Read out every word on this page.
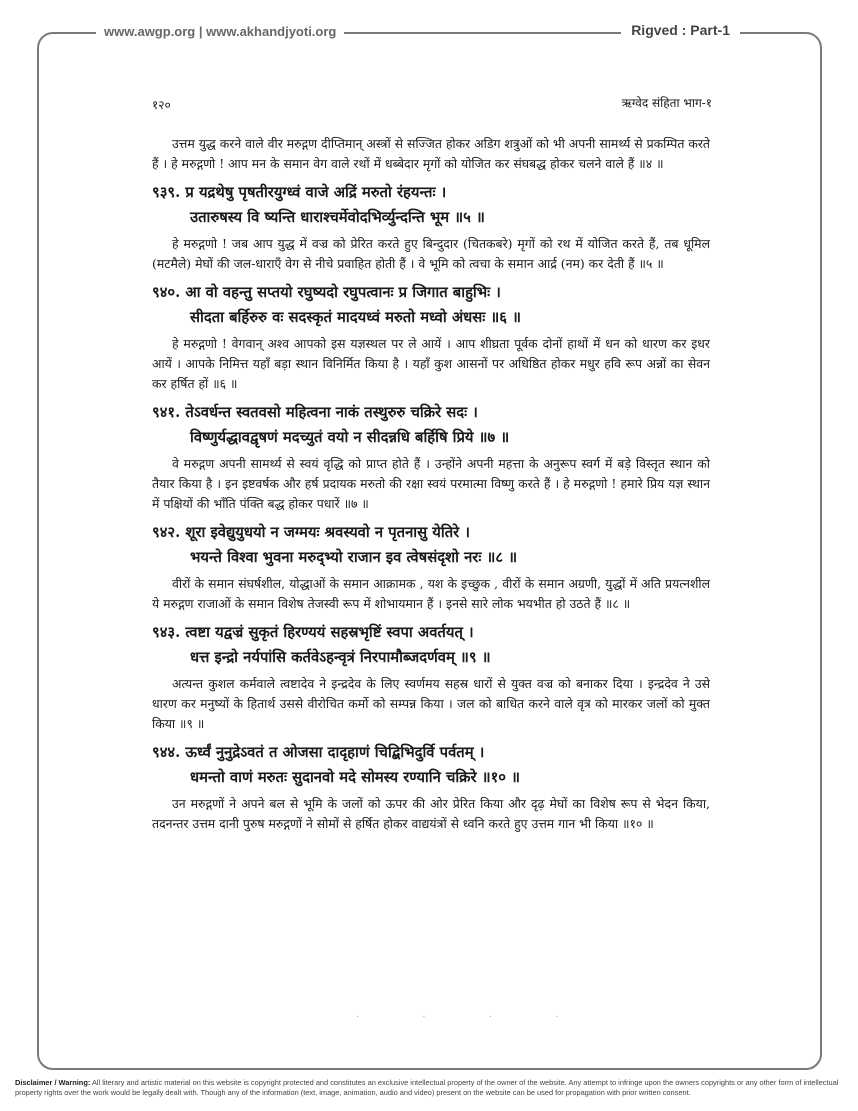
www.awgp.org | www.akhandjyoti.org	Rigved : Part-1
१२०	ऋग्वेद संहिता भाग-१

उत्तम युद्ध करने वाले वीर मरुद्गण दीप्तिमान् अस्त्रों से सज्जित होकर अडिग शत्रुओं को भी अपनी सामर्थ्य से प्रकम्पित करते हैं । हे मरुद्गणो ! आप मन के समान वेग वाले रथों में धब्बेदार मृगों को योजित कर संघबद्ध होकर चलने वाले हैं ॥४ ॥

९३९. प्र यद्रथेषु पृषतीरयुग्ध्वं वाजे अद्रिं मरुतो रंहयन्तः ।

उतारुषस्य वि ष्यन्ति धाराश्चर्मेवोदभिर्व्युन्दन्ति भूम ॥५ ॥

हे मरुद्गणो ! जब आप युद्ध में वज्र को प्रेरित करते हुए बिन्दुदार (चितकबरे) मृगों को रथ में योजित करते हैं, तब धूमिल (मटमैले) मेघों की जल-धाराएँ वेग से नीचे प्रवाहित होती हैं । वे भूमि को त्वचा के समान आर्द्र (नम) कर देती हैं ॥५ ॥

९४०. आ वो वहन्तु सप्तयो रघुष्यदो रघुपत्वानः प्र जिगात बाहुभिः ।

सीदता बर्हिरुरु वः सदस्कृतं मादयध्वं मरुतो मध्वो अंधसः ॥६ ॥

हे मरुद्गणो ! वेगवान् अश्व आपको इस यज्ञस्थल पर ले आयें । आप शीघ्रता पूर्वक दोनों हाथों में धन को धारण कर इधर आयें । आपके निमित्त यहाँ बड़ा स्थान विनिर्मित किया है । यहाँ कुश आसनों पर अधिष्ठित होकर मधुर हवि रूप अन्नों का सेवन कर हर्षित हों ॥६ ॥

९४१. तेऽवर्धन्त स्वतवसो महित्वना नाकं तस्थुरुरु चक्रिरे सदः ।

विष्णुर्यद्धावद्वृषणं मदच्युतं वयो न सीदन्नधि बर्हिषि प्रिये ॥७ ॥

वे मरुद्गण अपनी सामर्थ्य से स्वयं वृद्धि को प्राप्त होते हैं । उन्होंने अपनी महत्ता के अनुरूप स्वर्ग में बड़े विस्तृत स्थान को तैयार किया है । इन इष्टवर्षक और हर्ष प्रदायक मरुतो की रक्षा स्वयं परमात्मा विष्णु करते हैं । हे मरुद्गणो ! हमारे प्रिय यज्ञ स्थान में पक्षियों की भाँति पंक्ति बद्ध होकर पधारें ॥७ ॥

९४२. शूरा इवेद्युयुधयो न जग्मयः श्रवस्यवो न पृतनासु येतिरे ।

भयन्ते विश्वा भुवना मरुद्भ्यो राजान इव त्वेषसंदृशो नरः ॥८ ॥

वीरों के समान संघर्षशील, योद्धाओं के समान आक्रामक , यश के इच्छुक , वीरों के समान अग्रणी, युद्धों में अति प्रयत्नशील ये मरुद्गण राजाओं के समान विशेष तेजस्वी रूप में शोभायमान हैं । इनसे सारे लोक भयभीत हो उठते हैं ॥८ ॥

९४३. त्वष्टा यद्वज्रं सुकृतं हिरण्ययं सहस्रभृष्टिं स्वपा अवर्तयत् ।

धत्त इन्द्रो नर्यपांसि कर्तवेऽहन्वृत्रं निरपामौब्जदर्णवम् ॥९ ॥

अत्यन्त कुशल कर्मवाले त्वष्टादेव ने इन्द्रदेव के लिए स्वर्णमय सहस्र धारों से युक्त वज्र को बनाकर दिया । इन्द्रदेव ने उसे धारण कर मनुष्यों के हितार्थ उससे वीरोचित कर्मो को सम्पन्न किया । जल को बाधित करने वाले वृत्र को मारकर जलों को मुक्त किया ॥९ ॥

९४४. ऊर्ध्वं नुनुद्रेऽवतं त ओजसा दादृहाणं चिद्बिभिदुर्वि पर्वतम् ।

धमन्तो वाणं मरुतः सुदानवो मदे सोमस्य रण्यानि चक्रिरे ॥१० ॥

उन मरुद्गणों ने अपने बल से भूमि के जलों को ऊपर की ओर प्रेरित किया और दृढ़ मेघों का विशेष रूप से भेदन किया, तदनन्तर उत्तम दानी पुरुष मरुद्गणों ने सोमों से हर्षित होकर वाद्ययंत्रों से ध्वनि करते हुए उत्तम गान भी किया ॥१० ॥

· · · ·
Disclaimer / Warning: All literary and artistic material on this website is copyright protected and constitutes an exclusive intellectual property of the owner of the website. Any attempt to infringe upon the owners copyrights or any other form of intellectual property rights over the work would be legally dealt with. Though any of the information (text, image, animation, audio and video) present on the website can be used for propagation with prior written consent.
